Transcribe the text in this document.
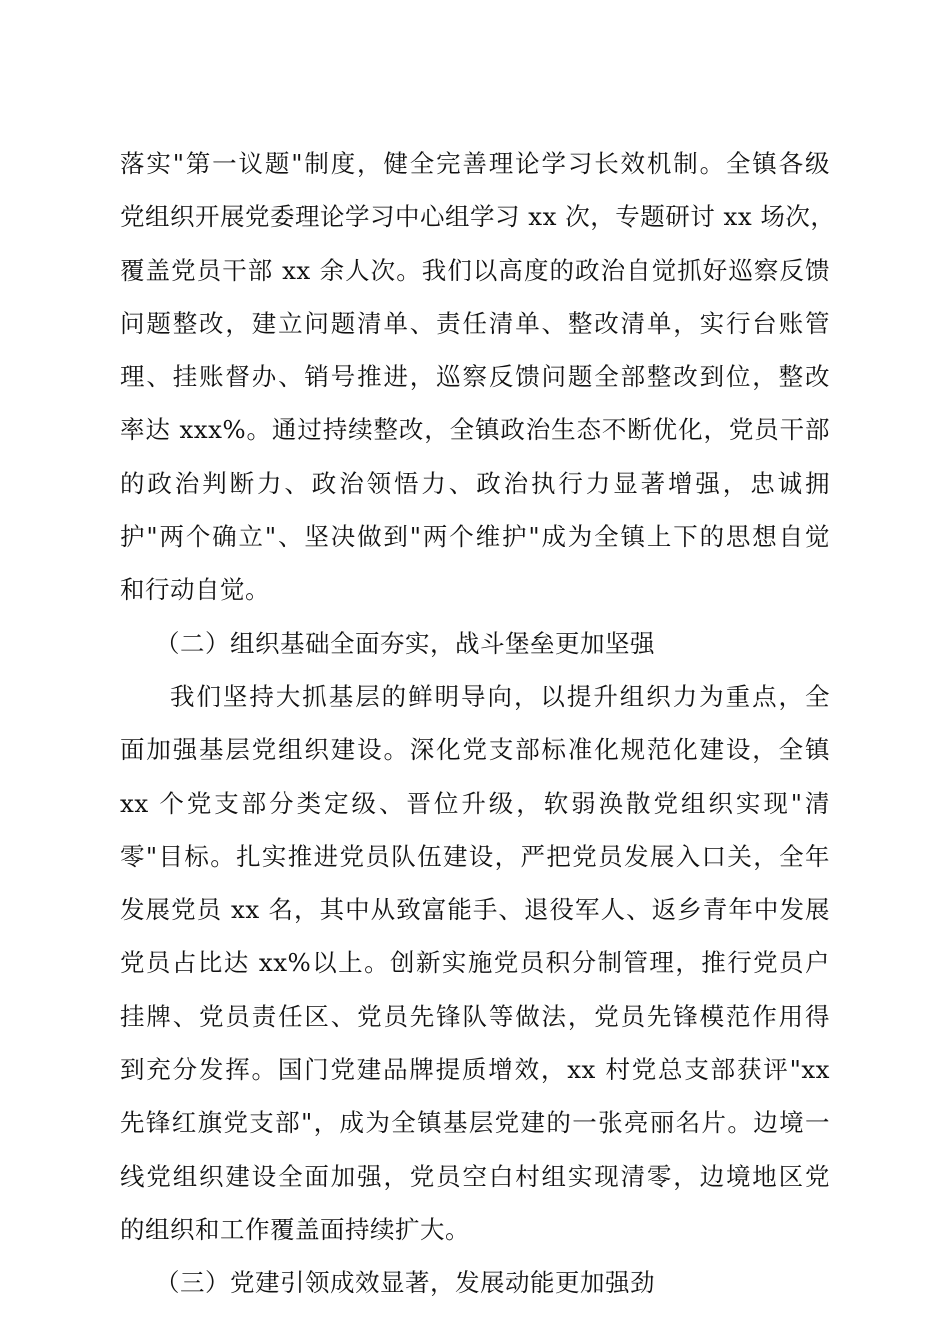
落实"第一议题"制度，健全完善理论学习长效机制。全镇各级
党组织开展党委理论学习中心组学习 xx 次，专题研讨 xx 场次，
覆盖党员干部 xx 余人次。我们以高度的政治自觉抓好巡察反馈
问题整改，建立问题清单、责任清单、整改清单，实行台账管
理、挂账督办、销号推进，巡察反馈问题全部整改到位，整改
率达 xxx%。通过持续整改，全镇政治生态不断优化，党员干部
的政治判断力、政治领悟力、政治执行力显著增强，忠诚拥
护"两个确立"、坚决做到"两个维护"成为全镇上下的思想自觉
和行动自觉。
（二）组织基础全面夯实，战斗堡垒更加坚强
我们坚持大抓基层的鲜明导向，以提升组织力为重点，全
面加强基层党组织建设。深化党支部标准化规范化建设，全镇
xx 个党支部分类定级、晋位升级，软弱涣散党组织实现"清
零"目标。扎实推进党员队伍建设，严把党员发展入口关，全年
发展党员 xx 名，其中从致富能手、退役军人、返乡青年中发展
党员占比达 xx%以上。创新实施党员积分制管理，推行党员户
挂牌、党员责任区、党员先锋队等做法，党员先锋模范作用得
到充分发挥。国门党建品牌提质增效，xx 村党总支部获评"xx
先锋红旗党支部"，成为全镇基层党建的一张亮丽名片。边境一
线党组织建设全面加强，党员空白村组实现清零，边境地区党
的组织和工作覆盖面持续扩大。
（三）党建引领成效显著，发展动能更加强劲
